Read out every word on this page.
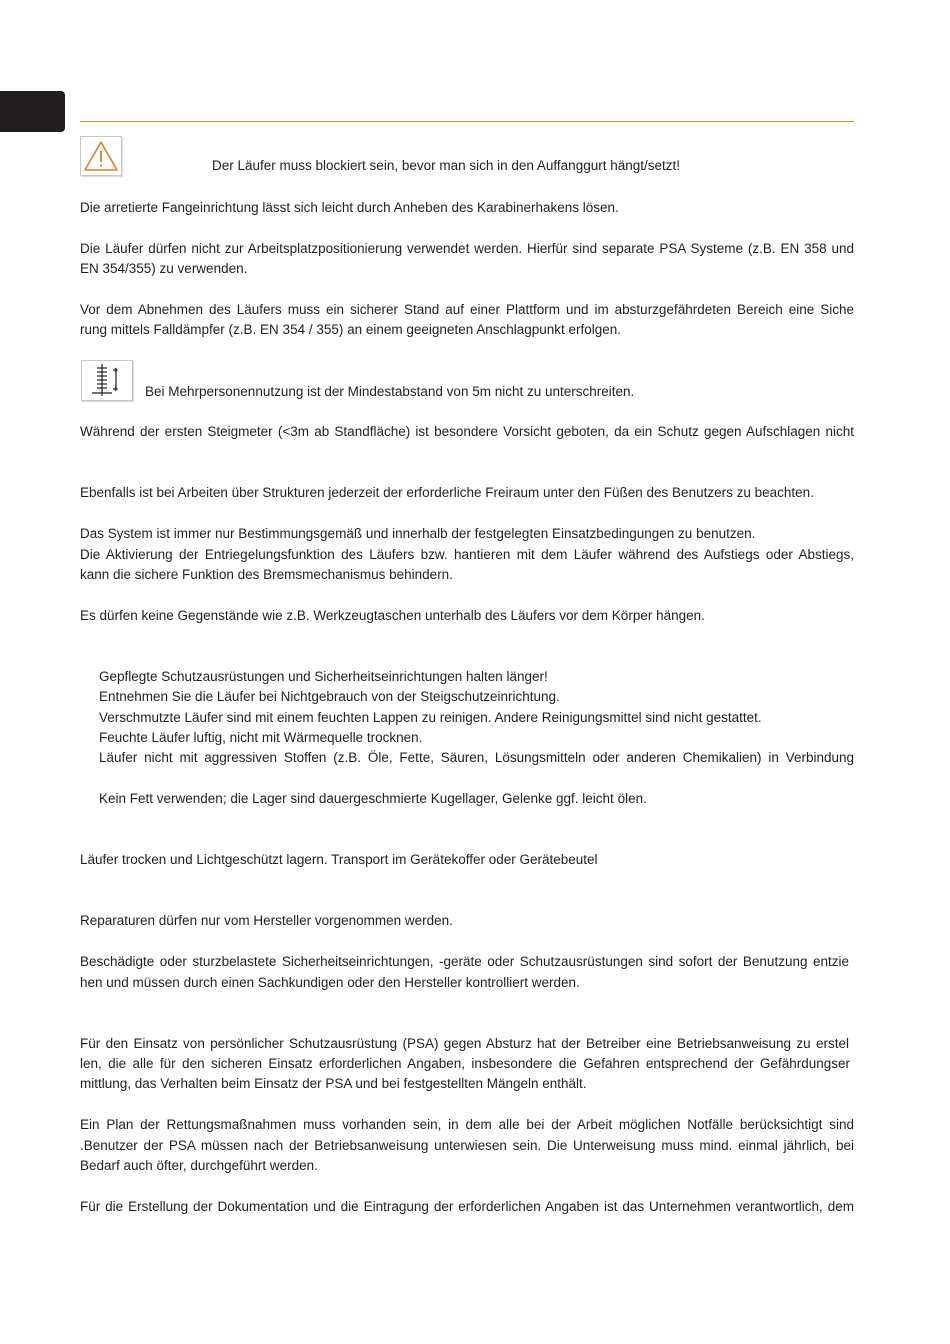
Der Läufer muss blockiert sein, bevor man sich in den Auffanggurt hängt/setzt!

Die arretierte Fangeinrichtung lässt sich leicht durch Anheben des Karabinerhakens lösen.

Die Läufer dürfen nicht zur Arbeitsplatzpositionierung verwendet werden. Hierfür sind separate PSA Systeme (z.B. EN 358 und

EN 354/355) zu verwenden.

Vor dem Abnehmen des Läufers muss ein sicherer Stand auf einer Plattform und im absturzgefährdeten Bereich eine Siche

rung mittels Falldämpfer (z.B. EN 354 / 355) an einem geeigneten Anschlagpunkt erfolgen.

Bei Mehrpersonennutzung ist der Mindestabstand von 5m nicht zu unterschreiten.

Während der ersten Steigmeter (<3m ab Standfläche) ist besondere Vorsicht geboten, da ein Schutz gegen Aufschlagen nicht

Ebenfalls ist bei Arbeiten über Strukturen jederzeit der erforderliche Freiraum unter den Füßen des Benutzers zu beachten.

Das System ist immer nur Bestimmungsgemäß und innerhalb der festgelegten Einsatzbedingungen zu benutzen.

Die Aktivierung der Entriegelungsfunktion des Läufers bzw. hantieren mit dem Läufer während des Aufstiegs oder Abstiegs,

kann die sichere Funktion des Bremsmechanismus behindern.

Es dürfen keine Gegenstände wie z.B. Werkzeugtaschen unterhalb des Läufers vor dem Körper hängen.

Gepflegte Schutzausrüstungen und Sicherheitseinrichtungen halten länger!

Entnehmen Sie die Läufer bei Nichtgebrauch von der Steigschutzeinrichtung.

Verschmutzte Läufer sind mit einem feuchten Lappen zu reinigen. Andere Reinigungsmittel sind nicht gestattet.

Feuchte Läufer luftig, nicht mit Wärmequelle trocknen.

Läufer nicht mit aggressiven Stoffen (z.B. Öle, Fette, Säuren, Lösungsmitteln oder anderen Chemikalien) in Verbindung

Kein Fett verwenden; die Lager sind dauergeschmierte Kugellager, Gelenke ggf. leicht ölen.

Läufer trocken und Lichtgeschützt lagern. Transport im Gerätekoffer oder Gerätebeutel

Reparaturen dürfen nur vom Hersteller vorgenommen werden.

Beschädigte oder sturzbelastete Sicherheitseinrichtungen, -geräte oder Schutzausrüstungen sind sofort der Benutzung entzie

hen und müssen durch einen Sachkundigen oder den Hersteller kontrolliert werden.

Für den Einsatz von persönlicher Schutzausrüstung (PSA) gegen Absturz hat der Betreiber eine Betriebsanweisung zu erstel

len, die alle für den sicheren Einsatz erforderlichen Angaben, insbesondere die Gefahren entsprechend der Gefährdungser

mittlung, das Verhalten beim Einsatz der PSA und bei festgestellten Mängeln enthält.

Ein Plan der Rettungsmaßnahmen muss vorhanden sein, in dem alle bei der Arbeit möglichen Notfälle berücksichtigt sind

.Benutzer der PSA müssen nach der Betriebsanweisung unterwiesen sein. Die Unterweisung muss mind. einmal jährlich, bei

Bedarf auch öfter, durchgeführt werden.

Für die Erstellung der Dokumentation und die Eintragung der erforderlichen Angaben ist das Unternehmen verantwortlich, dem
